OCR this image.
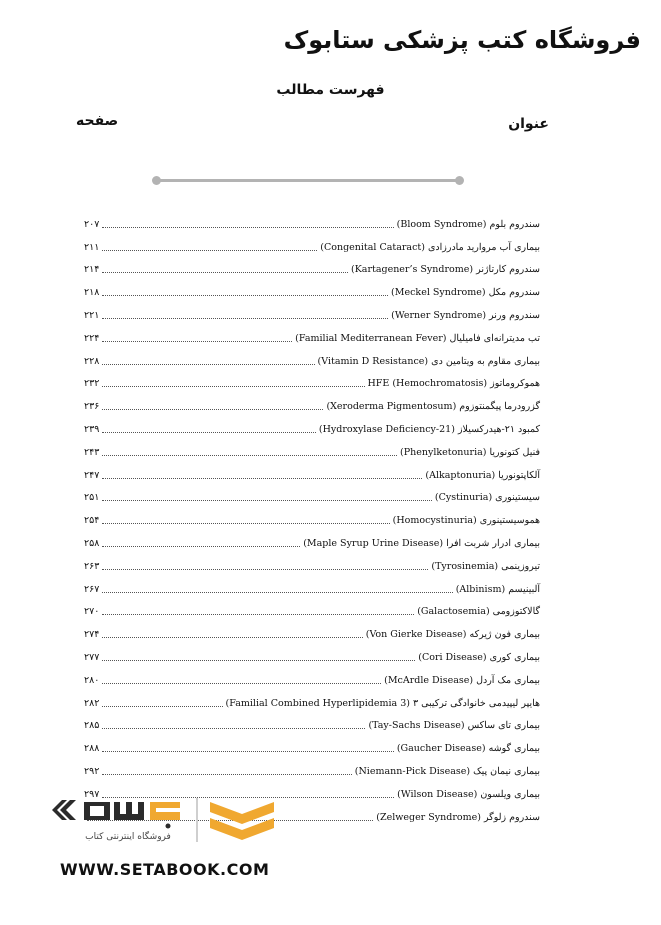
فروشگاه کتب پزشکی ستابوک
فهرست مطالب
عنوان
صفحه
سندروم بلوم (Bloom Syndrome)
۲۰۷
بیماری آب مروارید مادرزادی (Congenital Cataract)
۲۱۱
سندروم کارتاژنر (Kartagener’s Syndrome)
۲۱۴
سندروم مکل (Meckel Syndrome)
۲۱۸
سندروم ورنر (Werner Syndrome)
۲۲۱
تب مدیترانه‌ای فامیلیال (Familial Mediterranean Fever)
۲۲۴
بیماری مقاوم به ویتامین دی (Vitamin D Resistance)
۲۲۸
هموکروماتوز HFE (Hemochromatosis)
۲۳۲
گزرودرما پیگمنتوزوم (Xeroderma Pigmentosum)
۲۳۶
کمبود ۲۱-هیدرکسیلاز (21-Hydroxylase Deficiency)
۲۳۹
فنیل کتونوریا (Phenylketonuria)
۲۴۳
آلکاپتونوریا (Alkaptonuria)
۲۴۷
سیستینوری (Cystinuria)
۲۵۱
هموسیستینوری (Homocystinuria)
۲۵۴
بیماری ادرار شربت افرا (Maple Syrup Urine Disease)
۲۵۸
تیروزینمی (Tyrosinemia)
۲۶۳
آلبینیسم (Albinism)
۲۶۷
گالاکتوزومی (Galactosemia)
۲۷۰
بیماری فون ژیرکه (Von Gierke Disease)
۲۷۴
بیماری کوری (Cori Disease)
۲۷۷
بیماری مک آردل (McArdle Disease)
۲۸۰
هایپر لیپیدمی خانوادگی ترکیبی ۳ (Familial Combined Hyperlipidemia 3)
۲۸۲
بیماری تای ساکس (Tay-Sachs Disease)
۲۸۵
بیماری گوشه (Gaucher Disease)
۲۸۸
بیماری نیمان پیک (Niemann-Pick Disease)
۲۹۲
بیماری ویلسون (Wilson Disease)
۲۹۷
سندروم زلوگر (Zelweger Syndrome)
فروشگاه اینترنتی کتاب
WWW.SETABOOK.COM
